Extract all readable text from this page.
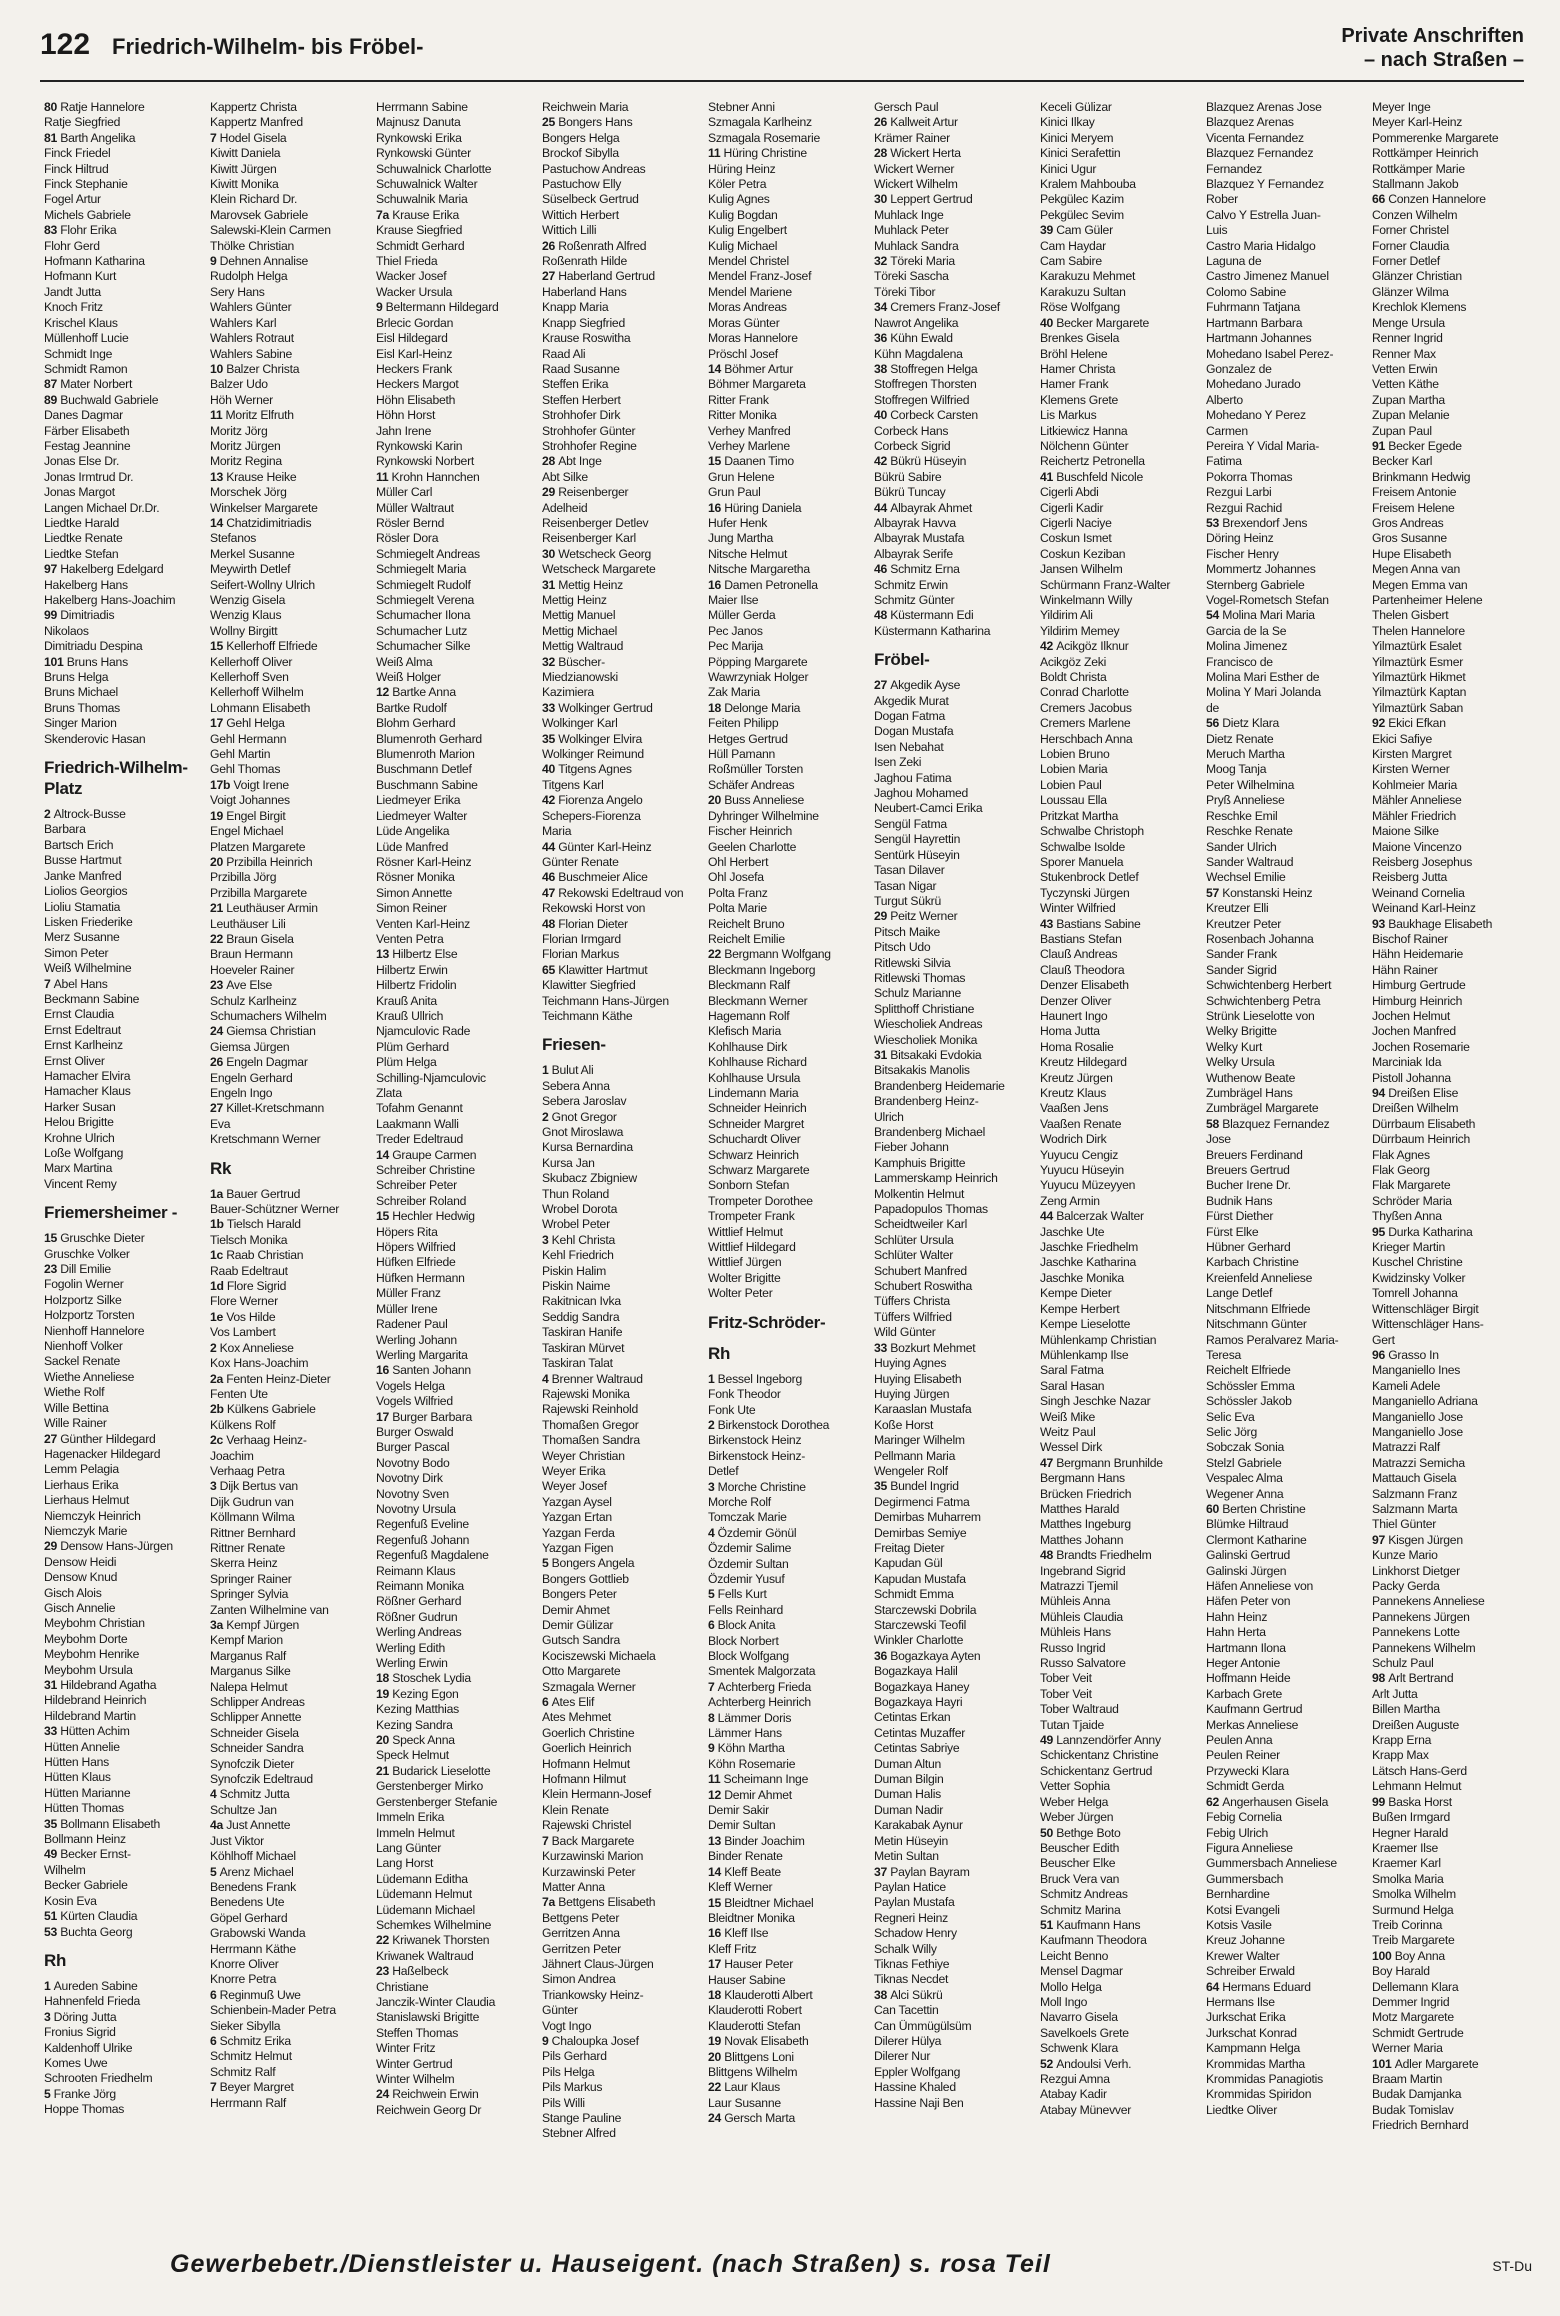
122 Friedrich-Wilhelm- bis Fröbel-	Private Anschriften
– nach Straßen –
80 Ratje Hannelore
Ratje Siegfried
81 Barth Angelika
Finck Friedel
Finck Hiltrud
Finck Stephanie
Fogel Artur
Michels Gabriele
83 Flohr Erika
Flohr Gerd
Hofmann Katharina
Hofmann Kurt
Jandt Jutta
Knoch Fritz
Krischel Klaus
Müllenhoff Lucie
Schmidt Inge
Schmidt Ramon
87 Mater Norbert
89 Buchwald Gabriele
Danes Dagmar
Färber Elisabeth
Festag Jeannine
Jonas Else Dr.
Jonas Irmtrud Dr.
Jonas Margot
Langen Michael Dr.Dr.
Liedtke Harald
Liedtke Renate
Liedtke Stefan
97 Hakelberg Edelgard
Hakelberg Hans
Hakelberg Hans-Joachim
99 Dimitriadis
Nikolaos
Dimitriadu Despina
101 Bruns Hans
Bruns Helga
Bruns Michael
Bruns Thomas
Singer Marion
Skenderovic Hasan
Friedrich-Wilhelm-Platz
2 Altrock-Busse
Barbara
Bartsch Erich
Busse Hartmut
Janke Manfred
Liolios Georgios
Lioliu Stamatia
Lisken Friederike
Merz Susanne
Simon Peter
Weiß Wilhelmine
7 Abel Hans
Beckmann Sabine
Ernst Claudia
Ernst Edeltraut
Ernst Karlheinz
Ernst Oliver
Hamacher Elvira
Hamacher Klaus
Harker Susan
Helou Brigitte
Krohne Ulrich
Loße Wolfgang
Marx Martina
Vincent Remy
Friemersheimer -
15 Gruschke Dieter
Gruschke Volker
23 Dill Emilie
Fogolin Werner
Holzportz Silke
Holzportz Torsten
Nienhoff Hannelore
Nienhoff Volker
Sackel Renate
Wiethe Anneliese
Wiethe Rolf
Wille Bettina
Wille Rainer
27 Günther Hildegard
Hagenacker Hildegard
Lemm Pelagia
Lierhaus Erika
Lierhaus Helmut
Niemczyk Heinrich
Niemczyk Marie
29 Densow Hans-Jürgen
Densow Heidi
Densow Knud
Gisch Alois
Gisch Annelie
Meybohm Christian
Meybohm Dorte
Meybohm Henrike
Meybohm Ursula
31 Hildebrand Agatha
Hildebrand Heinrich
Hildebrand Martin
33 Hütten Achim
Hütten Annelie
Hütten Hans
Hütten Klaus
Hütten Marianne
Hütten Thomas
35 Bollmann Elisabeth
Bollmann Heinz
49 Becker Ernst-
Wilhelm
Becker Gabriele
Kosin Eva
51 Kürten Claudia
53 Buchta Georg
Rh
1 Aureden Sabine
Hahnenfeld Frieda
3 Döring Jutta
Fronius Sigrid
Kaldenhoff Ulrike
Komes Uwe
Schrooten Friedhelm
5 Franke Jörg
Hoppe Thomas
Kappertz Christa
Kappertz Manfred
7 Hodel Gisela
Kiwitt Daniela
Kiwitt Jürgen
Kiwitt Monika
Klein Richard Dr.
Marovsek Gabriele
Salewski-Klein Carmen
Thölke Christian
9 Dehnen Annalise
Rudolph Helga
Sery Hans
Wahlers Günter
Wahlers Karl
Wahlers Rotraut
Wahlers Sabine
10 Balzer Christa
Balzer Udo
Höh Werner
11 Moritz Elfruth
Moritz Jörg
Moritz Jürgen
Moritz Regina
13 Krause Heike
Morschek Jörg
Winkelser Margarete
14 Chatzidimitriadis
Stefanos
Merkel Susanne
Meywirth Detlef
Seifert-Wollny Ulrich
Wenzig Gisela
Wenzig Klaus
Wollny Birgitt
15 Kellerhoff Elfriede
Kellerhoff Oliver
Kellerhoff Sven
Kellerhoff Wilhelm
Lohmann Elisabeth
17 Gehl Helga
Gehl Hermann
Gehl Martin
Gehl Thomas
17b Voigt Irene
Voigt Johannes
19 Engel Birgit
Engel Michael
Platzen Margarete
20 Przibilla Heinrich
Przibilla Jörg
Przibilla Margarete
21 Leuthäuser Armin
Leuthäuser Lili
22 Braun Gisela
Braun Hermann
Hoeveler Rainer
23 Ave Else
Schulz Karlheinz
Schumachers Wilhelm
24 Giemsa Christian
Giemsa Jürgen
26 Engeln Dagmar
Engeln Gerhard
Engeln Ingo
27 Killet-Kretschmann
Eva
Kretschmann Werner
Rk
1a Bauer Gertrud
Bauer-Schützner Werner
1b Tielsch Harald
Tielsch Monika
1c Raab Christian
Raab Edeltraut
1d Flore Sigrid
Flore Werner
1e Vos Hilde
Vos Lambert
2 Kox Anneliese
Kox Hans-Joachim
2a Fenten Heinz-Dieter
Fenten Ute
2b Külkens Gabriele
Külkens Rolf
2c Verhaag Heinz-
Joachim
Verhaag Petra
3 Dijk Bertus van
Dijk Gudrun van
Köllmann Wilma
Rittner Bernhard
Rittner Renate
Skerra Heinz
Springer Rainer
Springer Sylvia
Zanten Wilhelmine van
3a Kempf Jürgen
Kempf Marion
Marganus Ralf
Marganus Silke
Nalepa Helmut
Schlipper Andreas
Schlipper Annette
Schneider Gisela
Schneider Sandra
Synofczik Dieter
Synofczik Edeltraud
4 Schmitz Jutta
Schultze Jan
4a Just Annette
Just Viktor
Köhlhoff Michael
5 Arenz Michael
Benedens Frank
Benedens Ute
Göpel Gerhard
Grabowski Wanda
Herrmann Käthe
Knorre Oliver
Knorre Petra
6 Reginmuß Uwe
Schienbein-Mader Petra
Sieker Sibylla
6 Schmitz Erika
Schmitz Helmut
Schmitz Ralf
7 Beyer Margret
Herrmann Ralf
Herrmann Sabine
Majnusz Danuta
Rynkowski Erika
Rynkowski Günter
Schuwalnick Charlotte
Schuwalnick Walter
Schuwalnik Maria
7a Krause Erika
Krause Siegfried
Schmidt Gerhard
Thiel Frieda
Wacker Josef
Wacker Ursula
9 Beltermann Hildegard
Brlecic Gordan
Eisl Hildegard
Eisl Karl-Heinz
Heckers Frank
Heckers Margot
Höhn Elisabeth
Höhn Horst
Jahn Irene
Rynkowski Karin
Rynkowski Norbert
11 Krohn Hannchen
Müller Carl
Müller Waltraut
Rösler Bernd
Rösler Dora
Schmiegelt Andreas
Schmiegelt Maria
Schmiegelt Rudolf
Schmiegelt Verena
Schumacher Ilona
Schumacher Lutz
Schumacher Silke
Weiß Alma
Weiß Holger
12 Bartke Anna
Bartke Rudolf
Blohm Gerhard
Blumenroth Gerhard
Blumenroth Marion
Buschmann Detlef
Buschmann Sabine
Liedmeyer Erika
Liedmeyer Walter
Lüde Angelika
Lüde Manfred
Rösner Karl-Heinz
Rösner Monika
Simon Annette
Simon Reiner
Venten Karl-Heinz
Venten Petra
13 Hilbertz Else
Hilbertz Erwin
Hilbertz Fridolin
Krauß Anita
Krauß Ullrich
Njamculovic Rade
Plüm Gerhard
Plüm Helga
Schilling-Njamculovic
Zlata
Tofahm Genannt
Laakmann Walli
Treder Edeltraud
14 Graupe Carmen
Schreiber Christine
Schreiber Peter
Schreiber Roland
15 Hechler Hedwig
Höpers Rita
Höpers Wilfried
Hüfken Elfriede
Hüfken Hermann
Müller Franz
Müller Irene
Radener Paul
Werling Johann
Werling Margarita
16 Santen Johann
Vogels Helga
Vogels Wilfried
17 Burger Barbara
Burger Oswald
Burger Pascal
Novotny Bodo
Novotny Dirk
Novotny Sven
Novotny Ursula
Regenfuß Eveline
Regenfuß Johann
Regenfuß Magdalene
Reimann Klaus
Reimann Monika
Rößner Gerhard
Rößner Gudrun
Werling Andreas
Werling Edith
Werling Erwin
18 Stoschek Lydia
19 Kezing Egon
Kezing Matthias
Kezing Sandra
20 Speck Anna
Speck Helmut
21 Budarick Lieselotte
Gerstenberger Mirko
Gerstenberger Stefanie
Immeln Erika
Immeln Helmut
Lang Günter
Lang Horst
Lüdemann Editha
Lüdemann Helmut
Lüdemann Michael
Schemkes Wilhelmine
22 Kriwanek Thorsten
Kriwanek Waltraud
23 Haßelbeck
Christiane
Janczik-Winter Claudia
Stanislawski Brigitte
Steffen Thomas
Winter Fritz
Winter Gertrud
Winter Wilhelm
24 Reichwein Erwin
Reichwein Georg Dr
Reichwein Maria
25 Bongers Hans
Bongers Helga
Brockof Sibylla
Pastuchow Andreas
Pastuchow Elly
Süselbeck Gertrud
Wittich Herbert
Wittich Lilli
26 Roßenrath Alfred
Roßenrath Hilde
27 Haberland Gertrud
Haberland Hans
Knapp Maria
Knapp Siegfried
Krause Roswitha
Raad Ali
Raad Susanne
Steffen Erika
Steffen Herbert
Strohhofer Dirk
Strohhofer Günter
Strohhofer Regine
28 Abt Inge
Abt Silke
29 Reisenberger
Adelheid
Reisenberger Detlev
Reisenberger Karl
30 Wetscheck Georg
Wetscheck Margarete
31 Mettig Heinz
Mettig Heinz
Mettig Manuel
Mettig Michael
Mettig Waltraud
32 Büscher-
Miedzianowski
Kazimiera
33 Wolkinger Gertrud
Wolkinger Karl
35 Wolkinger Elvira
Wolkinger Reimund
40 Titgens Agnes
Titgens Karl
42 Fiorenza Angelo
Schepers-Fiorenza
Maria
44 Günter Karl-Heinz
Günter Renate
46 Buschmeier Alice
47 Rekowski Edeltraud von
Rekowski Horst von
48 Florian Dieter
Florian Irmgard
Florian Markus
65 Klawitter Hartmut
Klawitter Siegfried
Teichmann Hans-Jürgen
Teichmann Käthe
Friesen-
1 Bulut Ali
Sebera Anna
Sebera Jaroslav
2 Gnot Gregor
Gnot Miroslawa
Kursa Bernardina
Kursa Jan
Skubacz Zbigniew
Thun Roland
Wrobel Dorota
Wrobel Peter
3 Kehl Christa
Kehl Friedrich
Piskin Halim
Piskin Naime
Rakitnican Ivka
Seddig Sandra
Taskiran Hanife
Taskiran Mürvet
Taskiran Talat
4 Brenner Waltraud
Rajewski Monika
Rajewski Reinhold
Thomaßen Gregor
Thomaßen Sandra
Weyer Christian
Weyer Erika
Weyer Josef
Yazgan Aysel
Yazgan Ertan
Yazgan Ferda
Yazgan Figen
5 Bongers Angela
Bongers Gottlieb
Bongers Peter
Demir Ahmet
Demir Gülizar
Gutsch Sandra
Kociszewski Michaela
Otto Margarete
Szmagala Werner
6 Ates Elif
Ates Mehmet
Goerlich Christine
Goerlich Heinrich
Hofmann Helmut
Hofmann Hilmut
Klein Hermann-Josef
Klein Renate
Rajewski Christel
7 Back Margarete
Kurzawinski Marion
Kurzawinski Peter
Matter Anna
7a Bettgens Elisabeth
Bettgens Peter
Gerritzen Anna
Gerritzen Peter
Jähnert Claus-Jürgen
Simon Andrea
Triankowsky Heinz-
Günter
Vogt Ingo
9 Chaloupka Josef
Pils Gerhard
Pils Helga
Pils Markus
Pils Willi
Stange Pauline
Stebner Alfred
Stebner Anni
Szmagala Karlheinz
Szmagala Rosemarie
11 Hüring Christine
Hüring Heinz
Köler Petra
Kulig Agnes
Kulig Bogdan
Kulig Engelbert
Kulig Michael
Mendel Christel
Mendel Franz-Josef
Mendel Mariene
Moras Andreas
Moras Günter
Moras Hannelore
Pröschl Josef
14 Böhmer Artur
Böhmer Margareta
Ritter Frank
Ritter Monika
Verhey Manfred
Verhey Marlene
15 Daanen Timo
Grun Helene
Grun Paul
16 Hüring Daniela
Hufer Henk
Jung Martha
Nitsche Helmut
Nitsche Margaretha
16 Damen Petronella
Maier Ilse
Müller Gerda
Pec Janos
Pec Marija
Pöpping Margarete
Wawrzyniak Holger
Zak Maria
18 Delonge Maria
Feiten Philipp
Hetges Gertrud
Hüll Pamann
Roßmüller Torsten
Schäfer Andreas
20 Buss Anneliese
Dyhringer Wilhelmine
Fischer Heinrich
Geelen Charlotte
Ohl Herbert
Ohl Josefa
Polta Franz
Polta Marie
Reichelt Bruno
Reichelt Emilie
22 Bergmann Wolfgang
Bleckmann Ingeborg
Bleckmann Ralf
Bleckmann Werner
Hagemann Rolf
Klefisch Maria
Kohlhause Dirk
Kohlhause Richard
Kohlhause Ursula
Lindemann Maria
Schneider Heinrich
Schneider Margret
Schuchardt Oliver
Schwarz Heinrich
Schwarz Margarete
Sonborn Stefan
Trompeter Dorothee
Trompeter Frank
Wittlief Helmut
Wittlief Hildegard
Wittlief Jürgen
Wolter Brigitte
Wolter Peter
Fritz-Schröder-
Rh
1 Bessel Ingeborg
Fonk Theodor
Fonk Ute
2 Birkenstock Dorothea
Birkenstock Heinz
Birkenstock Heinz-
Detlef
3 Morche Christine
Morche Rolf
Tomczak Marie
4 Özdemir Gönül
Özdemir Salime
Özdemir Sultan
Özdemir Yusuf
5 Fells Kurt
Fells Reinhard
6 Block Anita
Block Norbert
Block Wolfgang
Smentek Malgorzata
7 Achterberg Frieda
Achterberg Heinrich
8 Lämmer Doris
Lämmer Hans
9 Köhn Martha
Köhn Rosemarie
11 Scheimann Inge
12 Demir Ahmet
Demir Sakir
Demir Sultan
13 Binder Joachim
Binder Renate
14 Kleff Beate
Kleff Werner
15 Bleidtner Michael
Bleidtner Monika
16 Kleff Ilse
Kleff Fritz
17 Hauser Peter
Hauser Sabine
18 Klauderotti Albert
Klauderotti Robert
Klauderotti Stefan
19 Novak Elisabeth
20 Blittgens Loni
Blittgens Wilhelm
22 Laur Klaus
Laur Susanne
24 Gersch Marta
Gersch Paul
26 Kallweit Artur
Krämer Rainer
28 Wickert Herta
Wickert Werner
Wickert Wilhelm
30 Leppert Gertrud
Muhlack Inge
Muhlack Peter
Muhlack Sandra
32 Töreki Maria
Töreki Sascha
Töreki Tibor
34 Cremers Franz-Josef
Nawrot Angelika
36 Kühn Ewald
Kühn Magdalena
38 Stoffregen Helga
Stoffregen Thorsten
Stoffregen Wilfried
40 Corbeck Carsten
Corbeck Hans
Corbeck Sigrid
42 Bükrü Hüseyin
Bükrü Sabire
Bükrü Tuncay
44 Albayrak Ahmet
Albayrak Havva
Albayrak Mustafa
Albayrak Serife
46 Schmitz Erna
Schmitz Erwin
Schmitz Günter
48 Küstermann Edi
Küstermann Katharina
Fröbel-
27 Akgedik Ayse
Akgedik Murat
Dogan Fatma
Dogan Mustafa
Isen Nebahat
Isen Zeki
Jaghou Fatima
Jaghou Mohamed
Neubert-Camci Erika
Sengül Fatma
Sengül Hayrettin
Sentürk Hüseyin
Tasan Dilaver
Tasan Nigar
Turgut Sükrü
29 Peitz Werner
Pitsch Maike
Pitsch Udo
Ritlewski Silvia
Ritlewski Thomas
Schulz Marianne
Splitthoff Christiane
Wiescholiek Andreas
Wiescholiek Monika
31 Bitsakaki Evdokia
Bitsakakis Manolis
Brandenberg Heidemarie
Brandenberg Heinz-
Ulrich
Brandenberg Michael
Fieber Johann
Kamphuis Brigitte
Lammerskamp Heinrich
Molkentin Helmut
Papadopulos Thomas
Scheidtweiler Karl
Schlüter Ursula
Schlüter Walter
Schubert Manfred
Schubert Roswitha
Tüffers Christa
Tüffers Wilfried
Wild Günter
33 Bozkurt Mehmet
Huying Agnes
Huying Elisabeth
Huying Jürgen
Karaaslan Mustafa
Koße Horst
Maringer Wilhelm
Pellmann Maria
Wengeler Rolf
35 Bundel Ingrid
Degirmenci Fatma
Demirbas Muharrem
Demirbas Semiye
Freitag Dieter
Kapudan Gül
Kapudan Mustafa
Schmidt Emma
Starczewski Dobrila
Starczewski Teofil
Winkler Charlotte
36 Bogazkaya Ayten
Bogazkaya Halil
Bogazkaya Haney
Bogazkaya Hayri
Cetintas Erkan
Cetintas Muzaffer
Cetintas Sabriye
Duman Altun
Duman Bilgin
Duman Halis
Duman Nadir
Karakabak Aynur
Metin Hüseyin
Metin Sultan
37 Paylan Bayram
Paylan Hatice
Paylan Mustafa
Regneri Heinz
Schadow Henry
Schalk Willy
Tiknas Fethiye
Tiknas Necdet
38 Alci Sükrü
Can Tacettin
Can Ümmügülsüm
Dilerer Hülya
Dilerer Nur
Eppler Wolfgang
Hassine Khaled
Hassine Naji Ben
Keceli Gülizar
Kinici Ilkay
Kinici Meryem
Kinici Serafettin
Kinici Ugur
Kralem Mahbouba
Pekgülec Kazim
Pekgülec Sevim
39 Cam Güler
Cam Haydar
Cam Sabire
Karakuzu Mehmet
Karakuzu Sultan
Röse Wolfgang
40 Becker Margarete
Brenkes Gisela
Bröhl Helene
Hamer Christa
Hamer Frank
Klemens Grete
Lis Markus
Litkiewicz Hanna
Nölchenn Günter
Reichertz Petronella
41 Buschfeld Nicole
Cigerli Abdi
Cigerli Kadir
Cigerli Naciye
Coskun Ismet
Coskun Keziban
Jansen Wilhelm
Schürmann Franz-Walter
Winkelmann Willy
Yildirim Ali
Yildirim Memey
42 Acikgöz Ilknur
Acikgöz Zeki
Boldt Christa
Conrad Charlotte
Cremers Jacobus
Cremers Marlene
Herschbach Anna
Lobien Bruno
Lobien Maria
Lobien Paul
Loussau Ella
Pritzkat Martha
Schwalbe Christoph
Schwalbe Isolde
Sporer Manuela
Stukenbrock Detlef
Tyczynski Jürgen
Winter Wilfried
43 Bastians Sabine
Bastians Stefan
Clauß Andreas
Clauß Theodora
Denzer Elisabeth
Denzer Oliver
Haunert Ingo
Homa Jutta
Homa Rosalie
Kreutz Hildegard
Kreutz Jürgen
Kreutz Klaus
Vaaßen Jens
Vaaßen Renate
Wodrich Dirk
Yuyucu Cengiz
Yuyucu Hüseyin
Yuyucu Müzeyyen
Zeng Armin
44 Balcerzak Walter
Jaschke Ute
Jaschke Friedhelm
Jaschke Katharina
Jaschke Monika
Kempe Dieter
Kempe Herbert
Kempe Lieselotte
Mühlenkamp Christian
Mühlenkamp Ilse
Saral Fatma
Saral Hasan
Singh Jeschke Nazar
Weiß Mike
Weitz Paul
Wessel Dirk
47 Bergmann Brunhilde
Bergmann Hans
Brücken Friedrich
Matthes Harald
Matthes Ingeburg
Matthes Johann
48 Brandts Friedhelm
Ingebrand Sigrid
Matrazzi Tjemil
Mühleis Anna
Mühleis Claudia
Mühleis Hans
Russo Ingrid
Russo Salvatore
Tober Veit
Tober Veit
Tober Waltraud
Tutan Tjaide
49 Lannzendörfer Anny
Schickentanz Christine
Schickentanz Gertrud
Vetter Sophia
Weber Helga
Weber Jürgen
50 Bethge Boto
Beuscher Edith
Beuscher Elke
Bruck Vera van
Schmitz Andreas
Schmitz Marina
51 Kaufmann Hans
Kaufmann Theodora
Leicht Benno
Mensel Dagmar
Mollo Helga
Moll Ingo
Navarro Gisela
Savelkoels Grete
Schwenk Klara
52 Andoulsi Verh.
Rezgui Amna
Atabay Kadir
Atabay Münevver
Blazquez Arenas Jose
Blazquez Arenas
Vicenta Fernandez
Blazquez Fernandez
Fernandez
Blazquez Y Fernandez
Rober
Calvo Y Estrella Juan-
Luis
Castro Maria Hidalgo
Laguna de
Castro Jimenez Manuel
Colomo Sabine
Fuhrmann Tatjana
Hartmann Barbara
Hartmann Johannes
Mohedano Isabel Perez-
Gonzalez de
Mohedano Jurado
Alberto
Mohedano Y Perez
Carmen
Pereira Y Vidal Maria-
Fatima
Pokorra Thomas
Rezgui Larbi
Rezgui Rachid
53 Brexendorf Jens
Döring Heinz
Fischer Henry
Mommertz Johannes
Sternberg Gabriele
Vogel-Rometsch Stefan
54 Molina Mari Maria
Garcia de la Se
Molina Jimenez
Francisco de
Molina Mari Esther de
Molina Y Mari Jolanda
de
56 Dietz Klara
Dietz Renate
Meruch Martha
Moog Tanja
Peter Wilhelmina
Pryß Anneliese
Reschke Emil
Reschke Renate
Sander Ulrich
Sander Waltraud
Wechsel Emilie
57 Konstanski Heinz
Kreutzer Elli
Kreutzer Peter
Rosenbach Johanna
Sander Frank
Sander Sigrid
Schwichtenberg Herbert
Schwichtenberg Petra
Strünk Lieselotte von
Welky Brigitte
Welky Kurt
Welky Ursula
Wuthenow Beate
Zumbrägel Hans
Zumbrägel Margarete
58 Blazquez Fernandez
Jose
Breuers Ferdinand
Breuers Gertrud
Bucher Irene Dr.
Budnik Hans
Fürst Diether
Fürst Elke
Hübner Gerhard
Karbach Christine
Kreienfeld Anneliese
Lange Detlef
Nitschmann Elfriede
Nitschmann Günter
Ramos Peralvarez Maria-
Teresa
Reichelt Elfriede
Schössler Emma
Schössler Jakob
Selic Eva
Selic Jörg
Sobczak Sonia
Stelzl Gabriele
Vespalec Alma
Wegener Anna
60 Berten Christine
Blümke Hiltraud
Clermont Katharine
Galinski Gertrud
Galinski Jürgen
Häfen Anneliese von
Häfen Peter von
Hahn Heinz
Hahn Herta
Hartmann Ilona
Heger Antonie
Hoffmann Heide
Karbach Grete
Kaufmann Gertrud
Merkas Anneliese
Peulen Anna
Peulen Reiner
Przywecki Klara
Schmidt Gerda
62 Angerhausen Gisela
Febig Cornelia
Febig Ulrich
Figura Anneliese
Gummersbach Anneliese
Gummersbach
Bernhardine
Kotsi Evangeli
Kotsis Vasile
Kreuz Johanne
Krewer Walter
Schreiber Erwald
64 Hermans Eduard
Hermans Ilse
Jurkschat Erika
Jurkschat Konrad
Kampmann Helga
Krommidas Martha
Krommidas Panagiotis
Krommidas Spiridon
Liedtke Oliver
Meyer Inge
Meyer Karl-Heinz
Pommerenke Margarete
Rottkämper Heinrich
Rottkämper Marie
Stallmann Jakob
66 Conzen Hannelore
Conzen Wilhelm
Forner Christel
Forner Claudia
Forner Detlef
Glänzer Christian
Glänzer Wilma
Krechlok Klemens
Menge Ursula
Renner Ingrid
Renner Max
Vetten Erwin
Vetten Käthe
Zupan Martha
Zupan Melanie
Zupan Paul
91 Becker Egede
Becker Karl
Brinkmann Hedwig
Freisem Antonie
Freisem Helene
Gros Andreas
Gros Susanne
Hupe Elisabeth
Megen Anna van
Megen Emma van
Partenheimer Helene
Thelen Gisbert
Thelen Hannelore
Yilmaztürk Esalet
Yilmaztürk Esmer
Yilmaztürk Hikmet
Yilmaztürk Kaptan
Yilmaztürk Saban
92 Ekici Efkan
Ekici Safiye
Kirsten Margret
Kirsten Werner
Kohlmeier Maria
Mähler Anneliese
Mähler Friedrich
Maione Silke
Maione Vincenzo
Reisberg Josephus
Reisberg Jutta
Weinand Cornelia
Weinand Karl-Heinz
93 Baukhage Elisabeth
Bischof Rainer
Hähn Heidemarie
Hähn Rainer
Himburg Gertrude
Himburg Heinrich
Jochen Helmut
Jochen Manfred
Jochen Rosemarie
Marciniak Ida
Pistoll Johanna
94 Dreißen Elise
Dreißen Wilhelm
Dürrbaum Elisabeth
Dürrbaum Heinrich
Flak Agnes
Flak Georg
Flak Margarete
Schröder Maria
Thyßen Anna
95 Durka Katharina
Krieger Martin
Kuschel Christine
Kwidzinsky Volker
Tomrell Johanna
Wittenschläger Birgit
Wittenschläger Hans-
Gert
96 Grasso In
Manganiello Ines
Kameli Adele
Manganiello Adriana
Manganiello Jose
Manganiello Jose
Matrazzi Ralf
Matrazzi Semicha
Mattauch Gisela
Salzmann Franz
Salzmann Marta
Thiel Günter
97 Kisgen Jürgen
Kunze Mario
Linkhorst Dietger
Packy Gerda
Pannekens Anneliese
Pannekens Jürgen
Pannekens Lotte
Pannekens Wilhelm
Schulz Paul
98 Arlt Bertrand
Arlt Jutta
Billen Martha
Dreißen Auguste
Krapp Erna
Krapp Max
Lätsch Hans-Gerd
Lehmann Helmut
99 Baska Horst
Bußen Irmgard
Hegner Harald
Kraemer Ilse
Kraemer Karl
Smolka Maria
Smolka Wilhelm
Surmund Helga
Treib Corinna
Treib Margarete
100 Boy Anna
Boy Harald
Dellemann Klara
Demmer Ingrid
Motz Margarete
Schmidt Gertrude
Werner Maria
101 Adler Margarete
Braam Martin
Budak Damjanka
Budak Tomislav
Friedrich Bernhard
Gewerbebetr./Dienstleister u. Hauseigent. (nach Straßen) s. rosa Teil	ST-Du
